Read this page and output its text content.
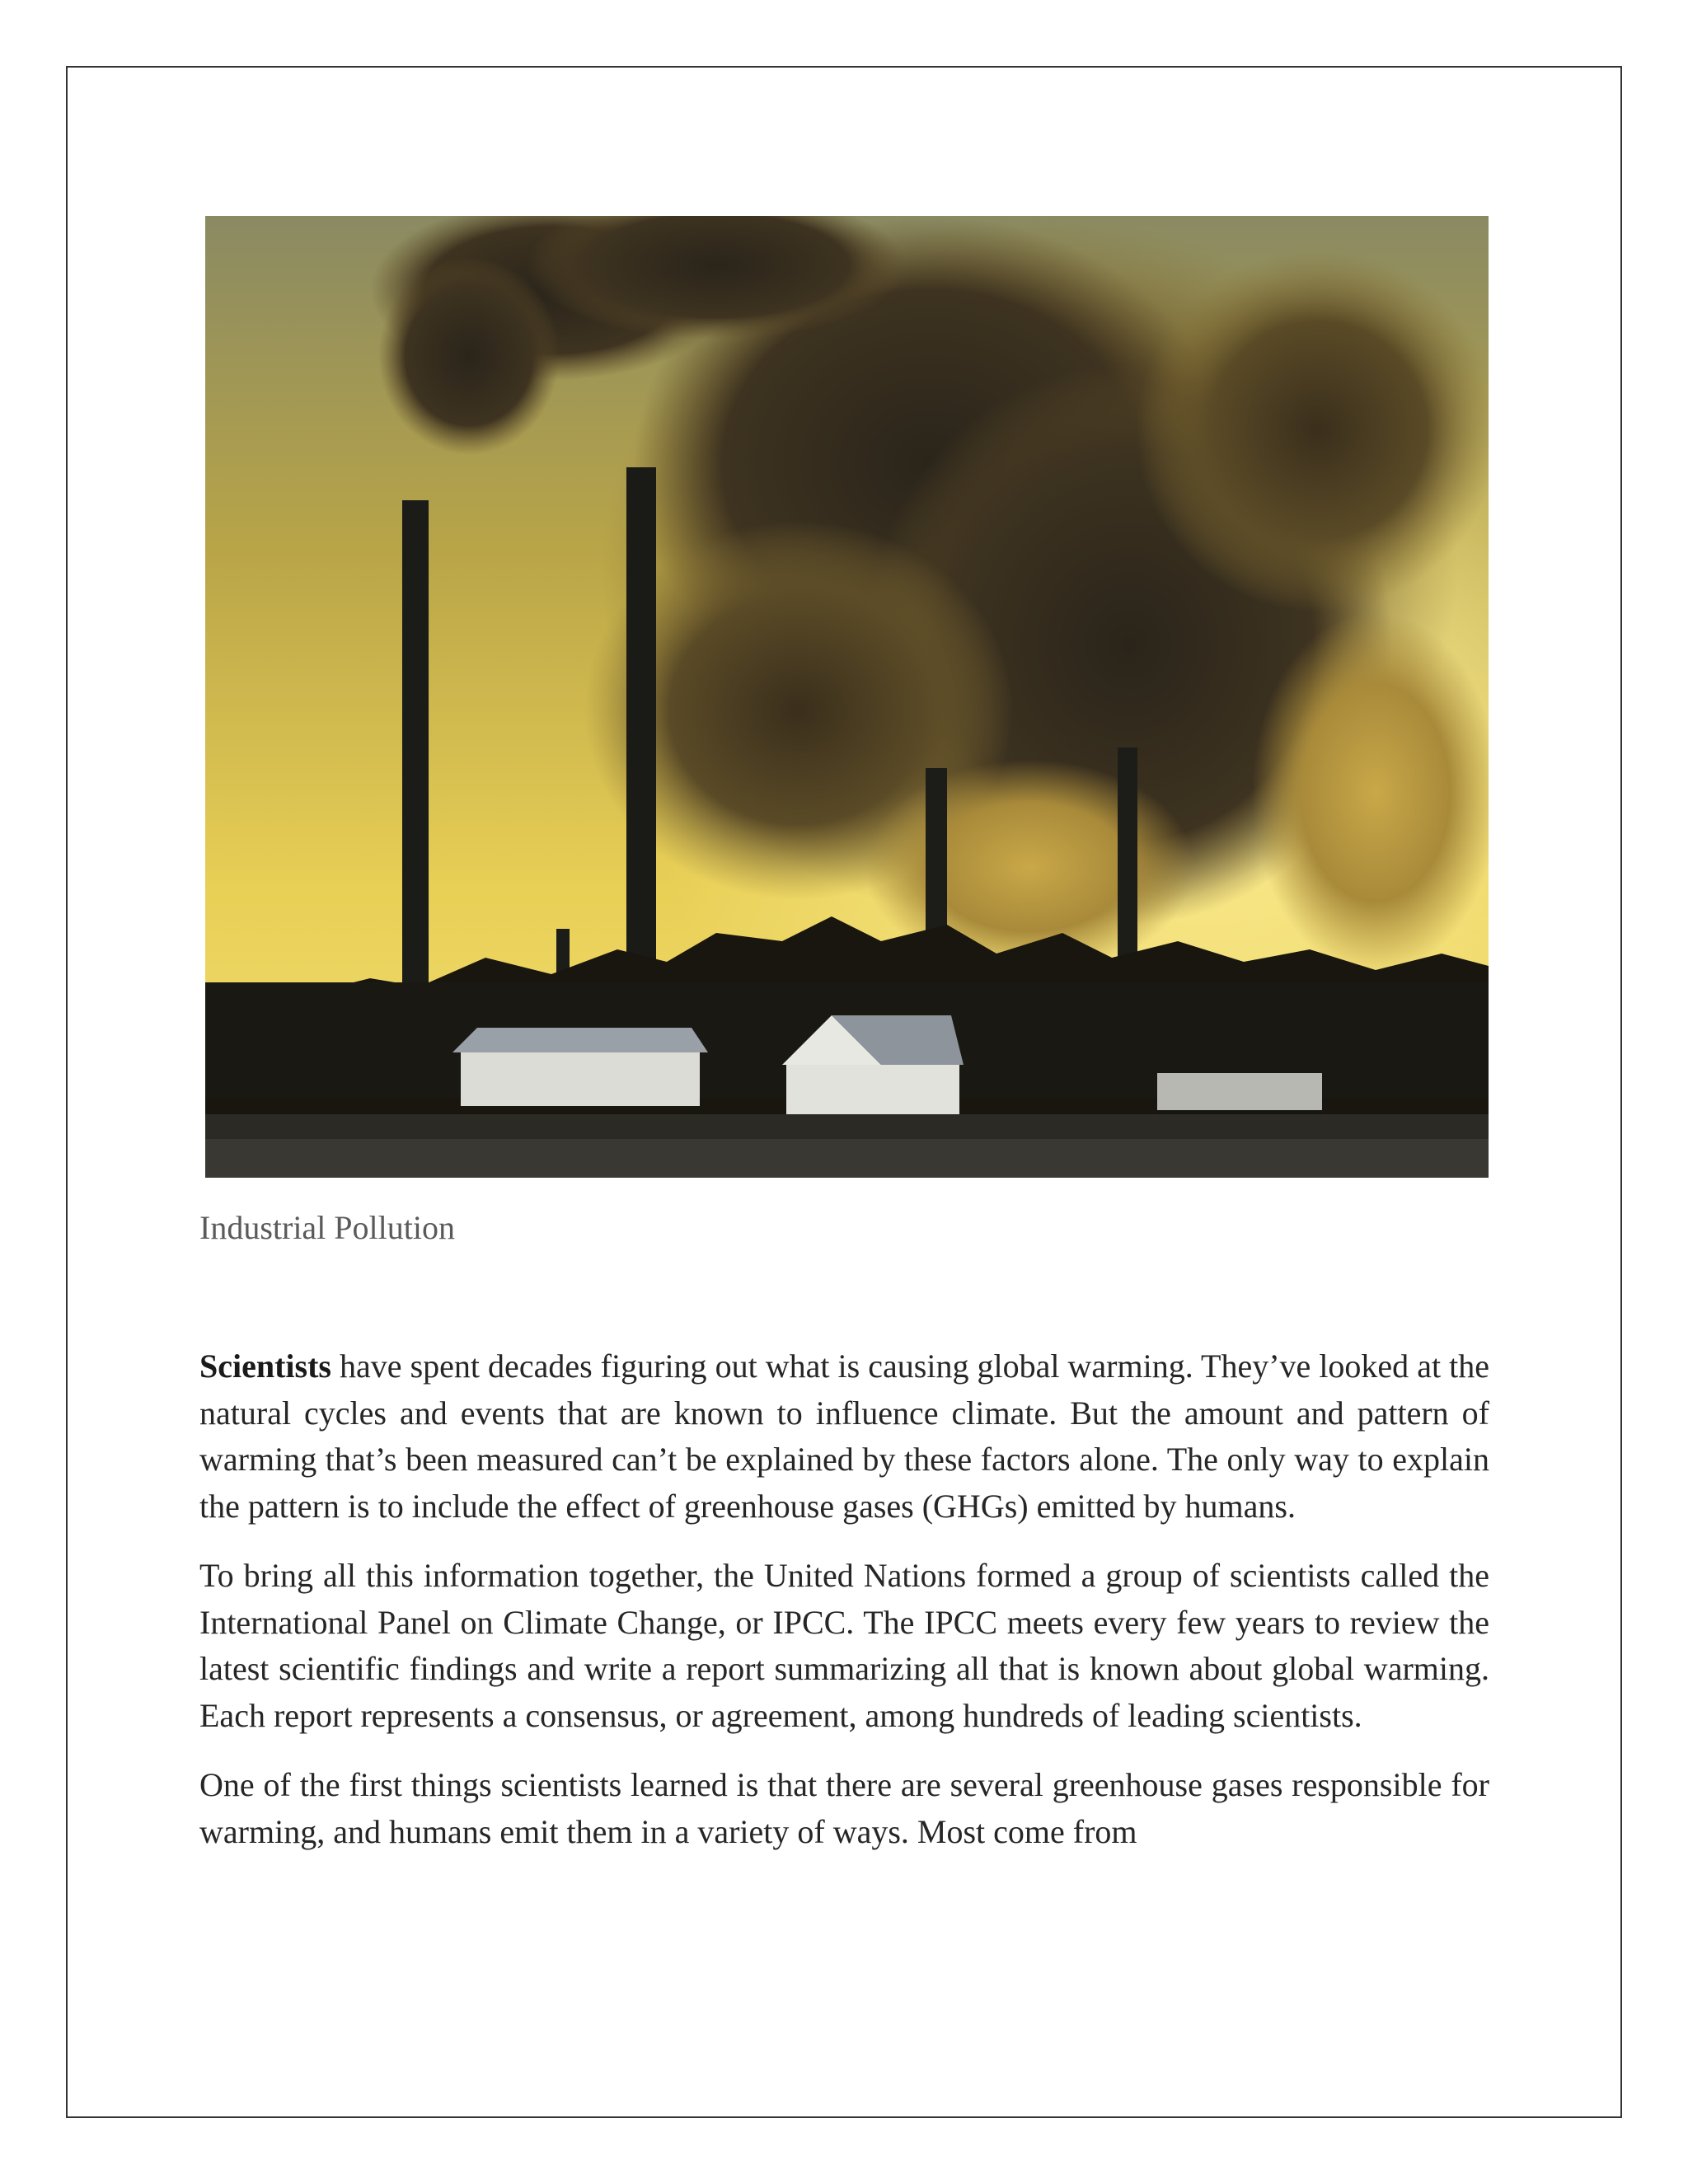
Industrial Pollution

Scientists have spent decades figuring out what is causing global warming. They’ve looked at the natural cycles and events that are known to influence climate. But the amount and pattern of warming that’s been measured can’t be explained by these factors alone. The only way to explain the pattern is to include the effect of greenhouse gases (GHGs) emitted by humans.

To bring all this information together, the United Nations formed a group of scientists called the International Panel on Climate Change, or IPCC. The IPCC meets every few years to review the latest scientific findings and write a report summarizing all that is known about global warming. Each report represents a consensus, or agreement, among hundreds of leading scientists.

One of the first things scientists learned is that there are several greenhouse gases responsible for warming, and humans emit them in a variety of ways. Most come from
